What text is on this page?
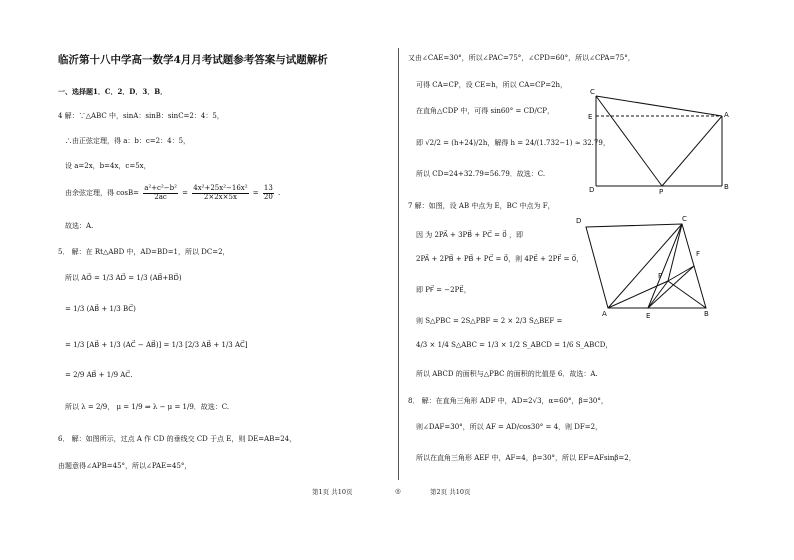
临沂第十八中学高一数学4月月考试题参考答案与试题解析
一、选择题1．C．2．D．3．B．
4 解：∵△ABC 中，sinA：sinB：sinC=2：4：5，
∴由正弦定理，得 a：b：c=2：4：5，
设 a=2x，b=4x，c=5x，
由余弦定理，得 $\cos B= \frac{\text{a²+c²−b²}}{2ac} = \frac{\text{4x²+25x²−16x²}}{2\times 2x\times 5x} = \frac{13}{20}$ .
故选：A.
5． 解：在 Rt△ABD 中，AD=BD=1，所以 DC=2，
所以 AO⃗ = 1/3 AD⃗ = 1/3 (AB⃗+BD⃗)
= 1/3 (AB⃗ + 1/3 BC⃗)
= 1/3 [AB⃗ + 1/3 (AC⃗ − AB⃗)] = 1/3 [2/3 AB⃗ + 1/3 AC⃗]
= 2/9 AB⃗ + 1/9 AC⃗.
所以 λ = 2/9， μ = 1/9 ⇒ λ − μ = 1/9．故选：C.
6． 解：如图所示，过点 A 作 CD 的垂线交 CD 于点 E，则 DE=AB=24，
由题意得∠APB=45°，所以∠PAE=45°，
又由∠CAE=30°，所以∠PAC=75°，∠CPD=60°，所以∠CPA=75°，
可得 CA=CP，设 CE=h，所以 CA=CP=2h，
在直角△CDP 中，可得 sin60° = CD/CP，
即 √2/2 = (h+24)/2h，解得 h = 24/(1.732−1) ≈ 32.79，
所以 CD=24+32.79=56.79．故选：C.
C
E	A
D	P
B
7 解：如图，设 AB 中点为 E，BC 中点为 F，
因 为 2PA⃗ + 3PB⃗ + PC⃗ = 0⃗ ，即
2PA⃗ + 2PB⃗ + PB⃗ + PC⃗ = 0⃗，则 4PE⃗ + 2PF⃗ = 0⃗，
即 PF⃗ = −2PE⃗，
则 S△PBC = 2S△PBF = 2 × 2/3 S△BEF =
4/3 × 1/4 S△ABC = 1/3 × 1/2 S_ABCD = 1/6 S_ABCD，
所以 ABCD 的面积与△PBC 的面积的比值是 6．故选：A.
D	C
F
P
A	E	B
8． 解：在直角三角形 ADF 中，AD=2√3，α=60°，β=30°，
则∠DAF=30°，所以 AF = AD/cos30° = 4，则 DF=2，
所以在直角三角形 AEF 中，AF=4，β=30°，所以 EF=AFsinβ=2，
第1页 共10页	◎	第2页 共10页
